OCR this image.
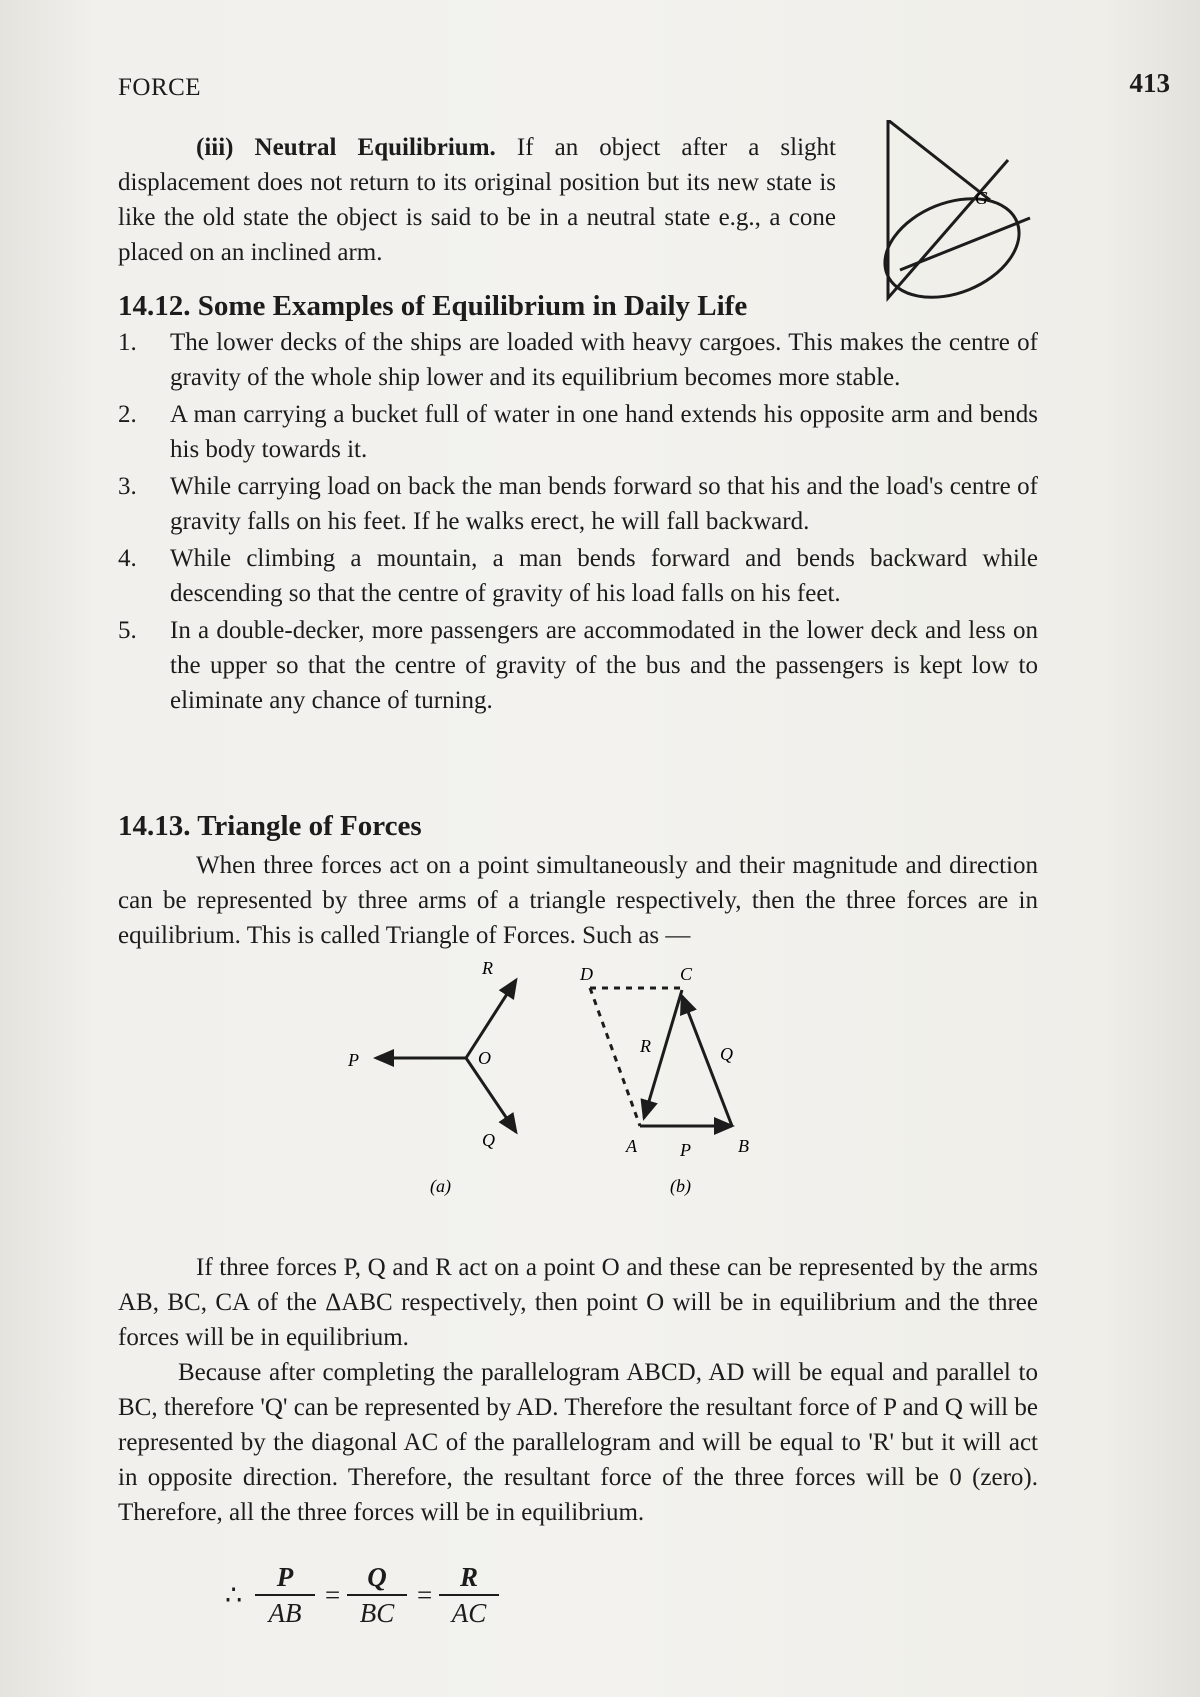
FORCE	413

(iii) Neutral Equilibrium. If an object after a slight displacement does not return to its original position but its new state is like the old state the object is said to be in a neutral state e.g., a cone placed on an inclined arm.

G
14.12. Some Examples of Equilibrium in Daily Life
1. The lower decks of the ships are loaded with heavy cargoes. This makes the centre of gravity of the whole ship lower and its equilibrium becomes more stable.
2. A man carrying a bucket full of water in one hand extends his opposite arm and bends his body towards it.
3. While carrying load on back the man bends forward so that his and the load's centre of gravity falls on his feet. If he walks erect, he will fall backward.
4. While climbing a mountain, a man bends forward and bends backward while descending so that the centre of gravity of his load falls on his feet.
5. In a double-decker, more passengers are accommodated in the lower deck and less on the upper so that the centre of gravity of the bus and the passengers is kept low to eliminate any chance of turning.
14.13. Triangle of Forces

When three forces act on a point simultaneously and their magnitude and direction can be represented by three arms of a triangle respectively, then the three forces are in equilibrium. This is called Triangle of Forces. Such as —

P
R
O
Q
(a)
D	C
R	Q
A P	B
(b)

If three forces P, Q and R act on a point O and these can be represented by the arms AB, BC, CA of the ΔABC respectively, then point O will be in equilibrium and the three forces will be in equilibrium.

Because after completing the parallelogram ABCD, AD will be equal and parallel to BC, therefore 'Q' can be represented by AD. Therefore the resultant force of P and Q will be represented by the diagonal AC of the parallelogram and will be equal to 'R' but it will act in opposite direction. Therefore, the resultant force of the three forces will be 0 (zero). Therefore, all the three forces will be in equilibrium.

∴ $\frac{P}{AB} = \frac{Q}{BC} = \frac{R}{AC}$
